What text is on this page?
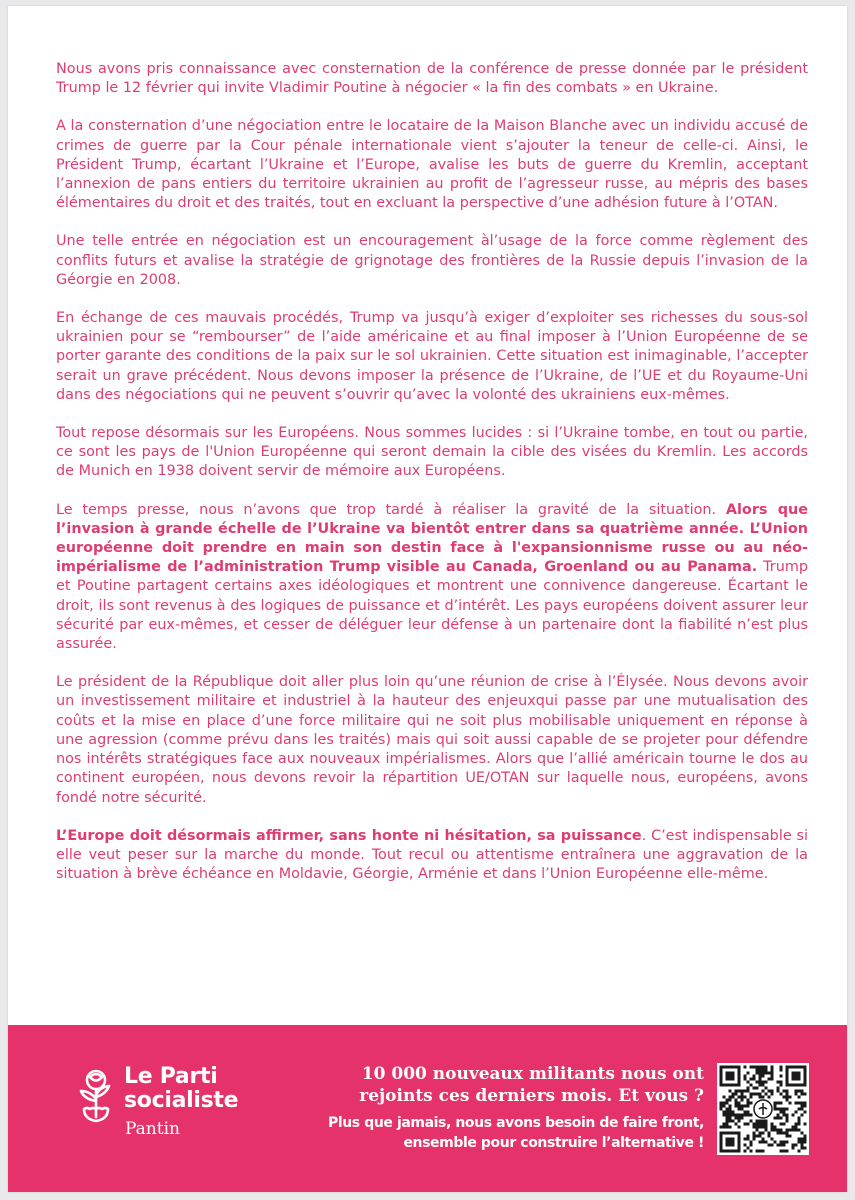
Nous avons pris connaissance avec consternation de la conférence de presse donnée par le président Trump le 12 février qui invite Vladimir Poutine à négocier « la fin des combats » en Ukraine.

A la consternation d’une négociation entre le locataire de la Maison Blanche avec un individu accusé de crimes de guerre par la Cour pénale internationale vient s’ajouter la teneur de celle-ci. Ainsi, le Président Trump, écartant l’Ukraine et l’Europe, avalise les buts de guerre du Kremlin, acceptant l’annexion de pans entiers du territoire ukrainien au profit de l’agresseur russe, au mépris des bases élémentaires du droit et des traités, tout en excluant la perspective d’une adhésion future à l’OTAN.

Une telle entrée en négociation est un encouragement àl’usage de la force comme règlement des conflits futurs et avalise la stratégie de grignotage des frontières de la Russie depuis l’invasion de la Géorgie en 2008.

En échange de ces mauvais procédés, Trump va jusqu’à exiger d’exploiter ses richesses du sous-sol ukrainien pour se “rembourser” de l’aide américaine et au final imposer à l’Union Européenne de se porter garante des conditions de la paix sur le sol ukrainien. Cette situation est inimaginable, l’accepter serait un grave précédent. Nous devons imposer la présence de l’Ukraine, de l’UE et du Royaume-Uni dans des négociations qui ne peuvent s’ouvrir qu’avec la volonté des ukrainiens eux-mêmes.

Tout repose désormais sur les Européens. Nous sommes lucides : si l’Ukraine tombe, en tout ou partie, ce sont les pays de l'Union Européenne qui seront demain la cible des visées du Kremlin. Les accords de Munich en 1938 doivent servir de mémoire aux Européens.

Le temps presse, nous n’avons que trop tardé à réaliser la gravité de la situation. Alors que l’invasion à grande échelle de l’Ukraine va bientôt entrer dans sa quatrième année. L’Union européenne doit prendre en main son destin face à l'expansionnisme russe ou au néo-impérialisme de l’administration Trump visible au Canada, Groenland ou au Panama. Trump et Poutine partagent certains axes idéologiques et montrent une connivence dangereuse. Écartant le droit, ils sont revenus à des logiques de puissance et d’intérêt. Les pays européens doivent assurer leur sécurité par eux-mêmes, et cesser de déléguer leur défense à un partenaire dont la fiabilité n’est plus assurée.

Le président de la République doit aller plus loin qu’une réunion de crise à l’Élysée. Nous devons avoir un investissement militaire et industriel à la hauteur des enjeuxqui passe par une mutualisation des coûts et la mise en place d’une force militaire qui ne soit plus mobilisable uniquement en réponse à une agression (comme prévu dans les traités) mais qui soit aussi capable de se projeter pour défendre nos intérêts stratégiques face aux nouveaux impérialismes. Alors que l’allié américain tourne le dos au continent européen, nous devons revoir la répartition UE/OTAN sur laquelle nous, européens, avons fondé notre sécurité.

L’Europe doit désormais affirmer, sans honte ni hésitation, sa puissance. C’est indispensable si elle veut peser sur la marche du monde. Tout recul ou attentisme entraînera une aggravation de la situation à brève échéance en Moldavie, Géorgie, Arménie et dans l’Union Européenne elle-même.

Le Parti
socialiste
Pantin
10 000 nouveaux militants nous ont
rejoints ces derniers mois. Et vous ?
Plus que jamais, nous avons besoin de faire front,
ensemble pour construire l’alternative !
